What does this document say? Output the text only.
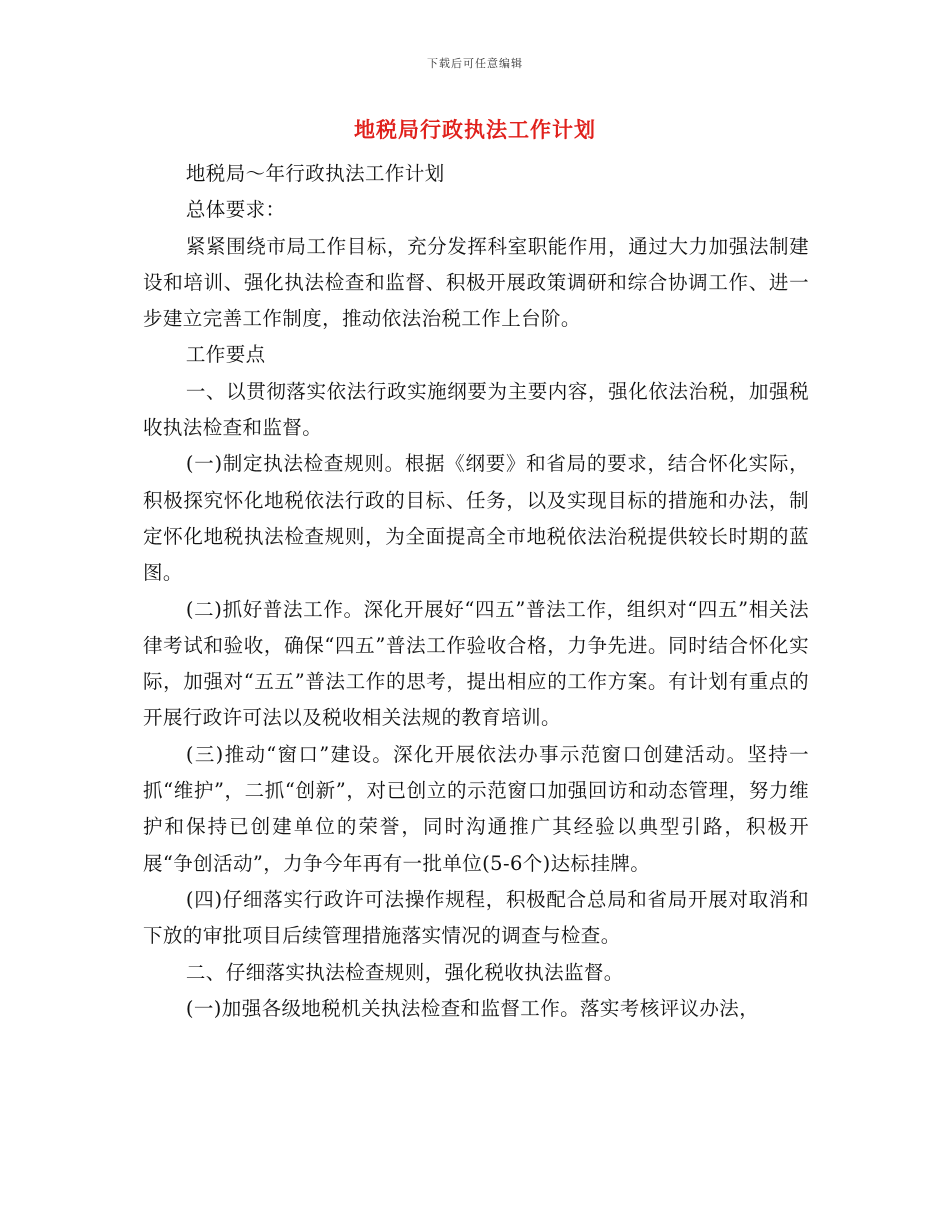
下载后可任意编辑
地税局行政执法工作计划

地税局～年行政执法工作计划

总体要求：

紧紧围绕市局工作目标，充分发挥科室职能作用，通过大力加强法制建设和培训、强化执法检查和监督、积极开展政策调研和综合协调工作、进一步建立完善工作制度，推动依法治税工作上台阶。

工作要点

一、以贯彻落实依法行政实施纲要为主要内容，强化依法治税，加强税收执法检查和监督。

(一)制定执法检查规则。根据《纲要》和省局的要求，结合怀化实际，积极探究怀化地税依法行政的目标、任务，以及实现目标的措施和办法，制定怀化地税执法检查规则，为全面提高全市地税依法治税提供较长时期的蓝图。

(二)抓好普法工作。深化开展好“四五”普法工作，组织对“四五”相关法律考试和验收，确保“四五”普法工作验收合格，力争先进。同时结合怀化实际，加强对“五五”普法工作的思考，提出相应的工作方案。有计划有重点的开展行政许可法以及税收相关法规的教育培训。

(三)推动“窗口”建设。深化开展依法办事示范窗口创建活动。坚持一抓“维护”，二抓“创新”，对已创立的示范窗口加强回访和动态管理，努力维护和保持已创建单位的荣誉，同时沟通推广其经验以典型引路，积极开展“争创活动”，力争今年再有一批单位(5-6个)达标挂牌。

(四)仔细落实行政许可法操作规程，积极配合总局和省局开展对取消和下放的审批项目后续管理措施落实情况的调查与检查。

二、仔细落实执法检查规则，强化税收执法监督。

(一)加强各级地税机关执法检查和监督工作。落实考核评议办法，
